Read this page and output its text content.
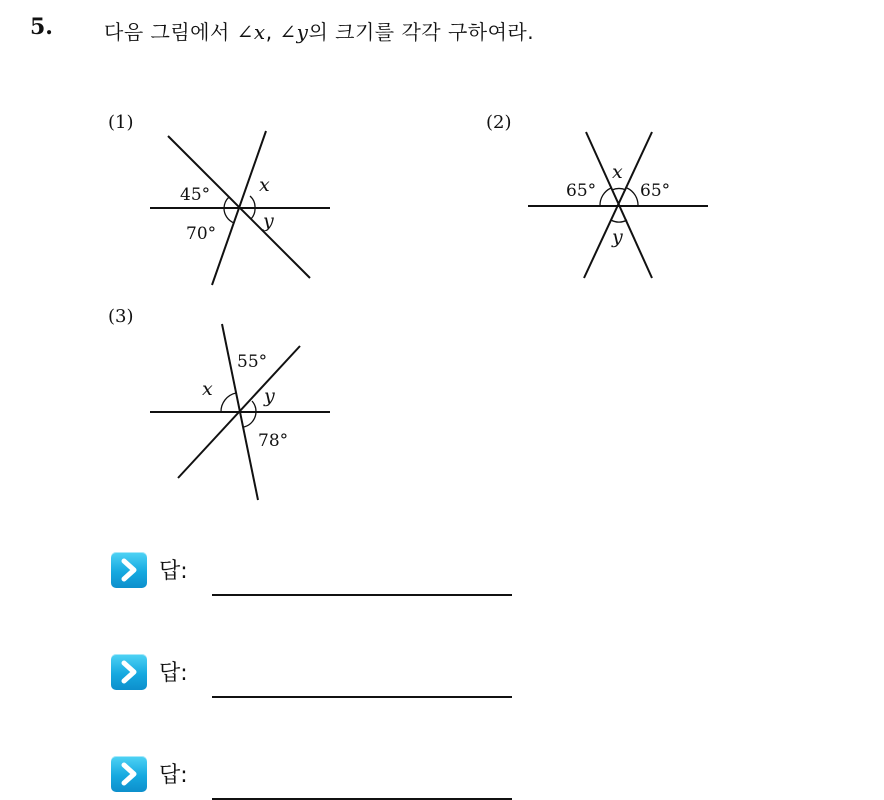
5.	다음 그림에서 ∠x, ∠y의 크기를 각각 구하여라.
(1)
45°
70°
x
y
(2)
65°	65°
x
y
(3)
55°
78°
x	y
답:
답:
답:
